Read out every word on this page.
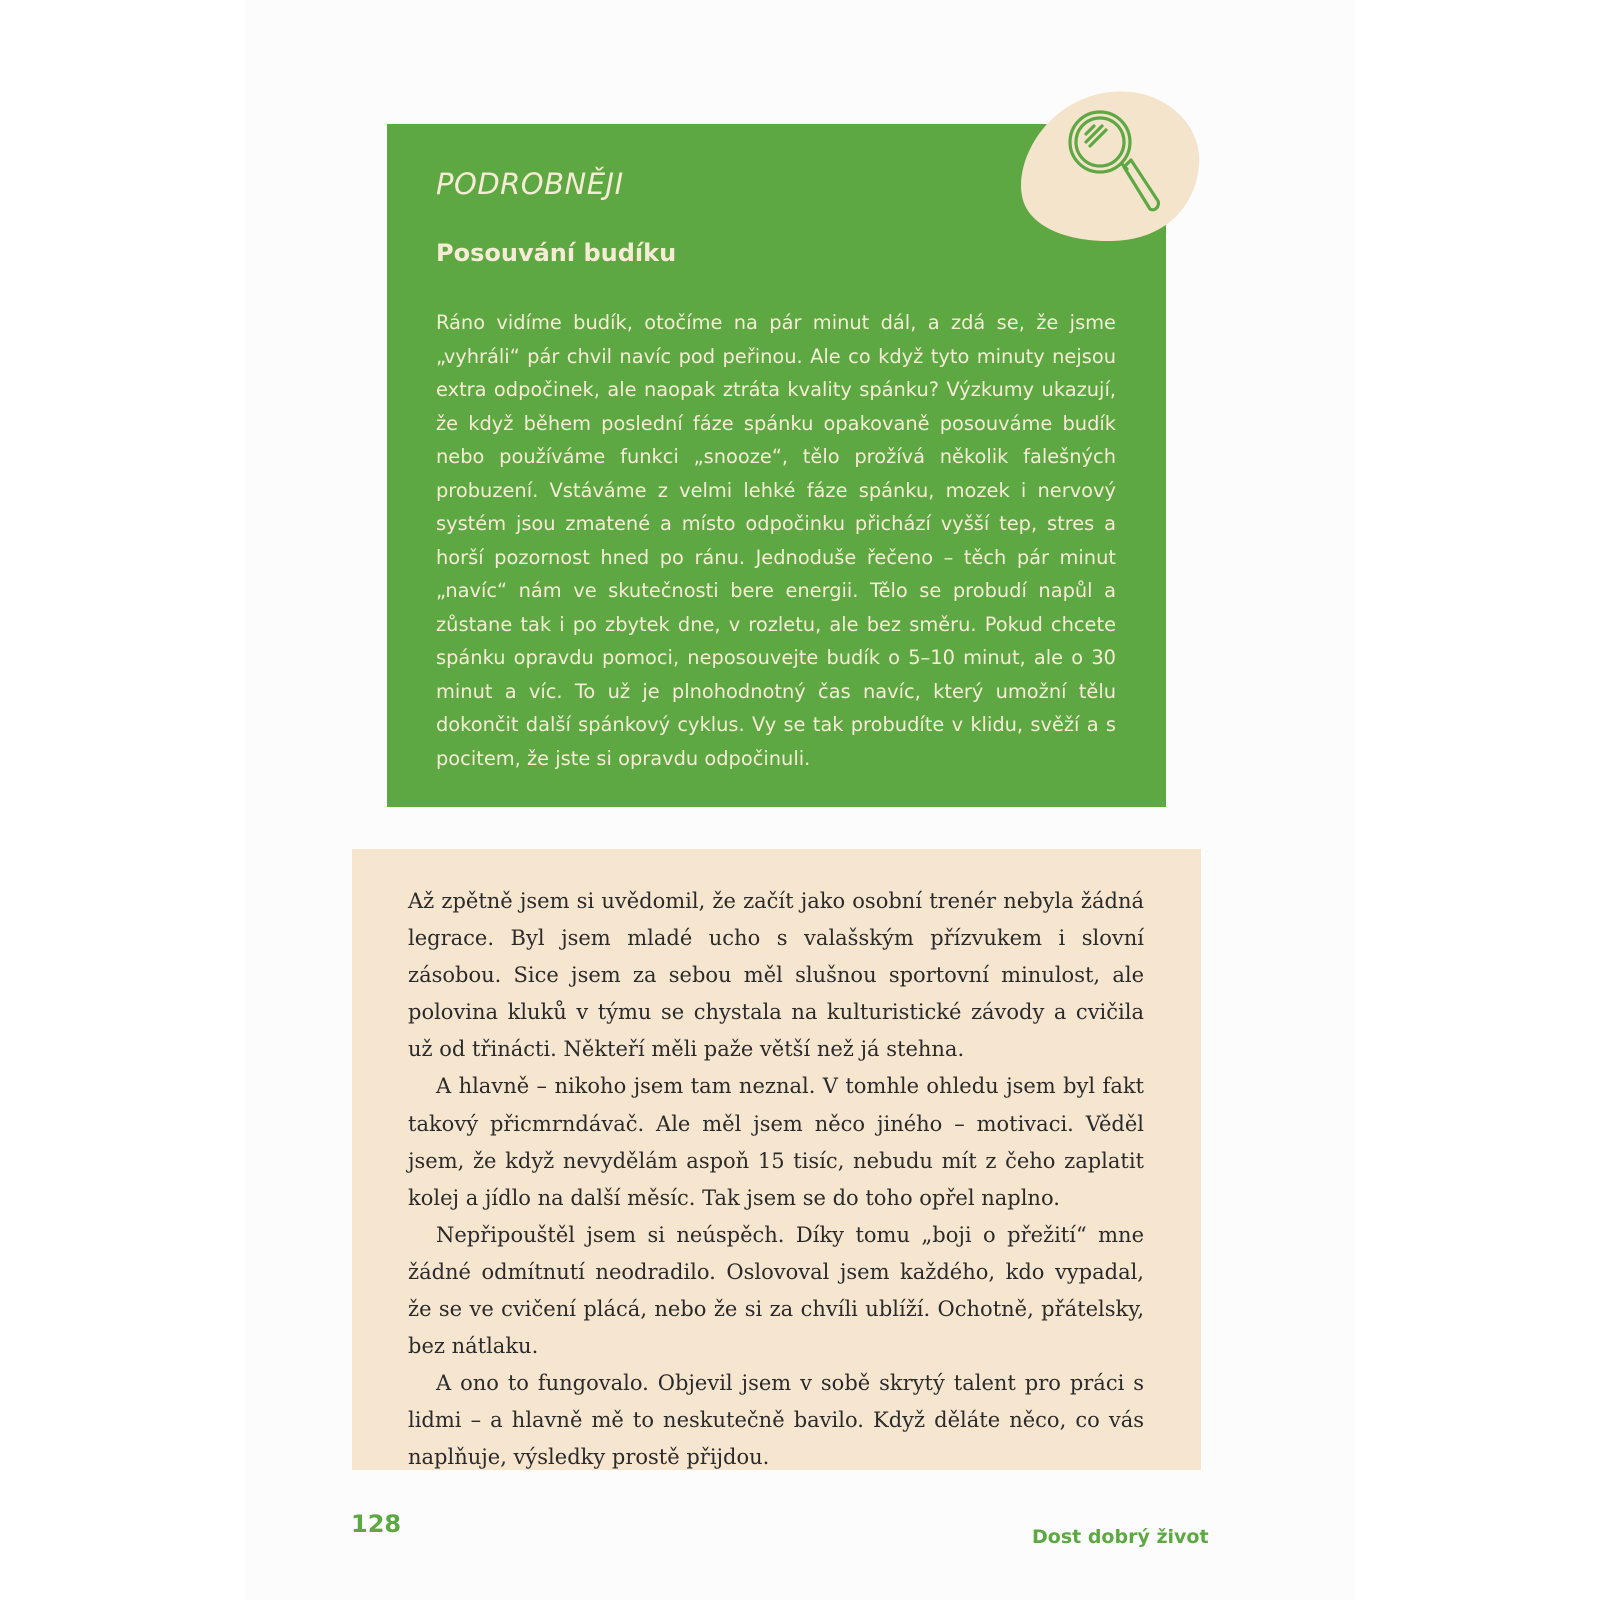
PODROBNĚJI

Posouvání budíku

Ráno vidíme budík, otočíme na pár minut dál, a zdá se, že jsme „vyhráli“ pár chvil navíc pod peřinou. Ale co když tyto minuty nejsou extra odpočinek, ale naopak ztráta kvality spánku? Výzkumy ukazují, že když během poslední fáze spánku opakovaně posouváme budík nebo používáme funkci „snooze“, tělo prožívá několik falešných probuzení. Vstáváme z velmi lehké fáze spánku, mozek i nervový systém jsou zmatené a místo odpočinku přichází vyšší tep, stres a horší pozornost hned po ránu. Jednoduše řečeno – těch pár minut „navíc“ nám ve skutečnosti bere energii. Tělo se probudí napůl a zůstane tak i po zbytek dne, v rozletu, ale bez směru. Pokud chcete spánku opravdu pomoci, neposouvejte budík o 5–10 minut, ale o 30 minut a víc. To už je plnohodnotný čas navíc, který umožní tělu dokončit další spánkový cyklus. Vy se tak probudíte v klidu, svěží a s pocitem, že jste si opravdu odpočinuli.

Až zpětně jsem si uvědomil, že začít jako osobní trenér nebyla žádná legrace. Byl jsem mladé ucho s valašským přízvukem i slovní zásobou. Sice jsem za sebou měl slušnou sportovní minulost, ale polovina kluků v týmu se chystala na kulturistické závody a cvičila už od třinácti. Někteří měli paže větší než já stehna.

A hlavně – nikoho jsem tam neznal. V tomhle ohledu jsem byl fakt takový přicmrndávač. Ale měl jsem něco jiného – motivaci. Věděl jsem, že když nevydělám aspoň 15 tisíc, nebudu mít z čeho zaplatit kolej a jídlo na další měsíc. Tak jsem se do toho opřel naplno.

Nepřipouštěl jsem si neúspěch. Díky tomu „boji o přežití“ mne žádné odmítnutí neodradilo. Oslovoval jsem každého, kdo vypadal, že se ve cvičení plácá, nebo že si za chvíli ublíží. Ochotně, přátelsky, bez nátlaku.

A ono to fungovalo. Objevil jsem v sobě skrytý talent pro práci s lidmi – a hlavně mě to neskutečně bavilo. Když děláte něco, co vás naplňuje, výsledky prostě přijdou.

128	Dost dobrý život
